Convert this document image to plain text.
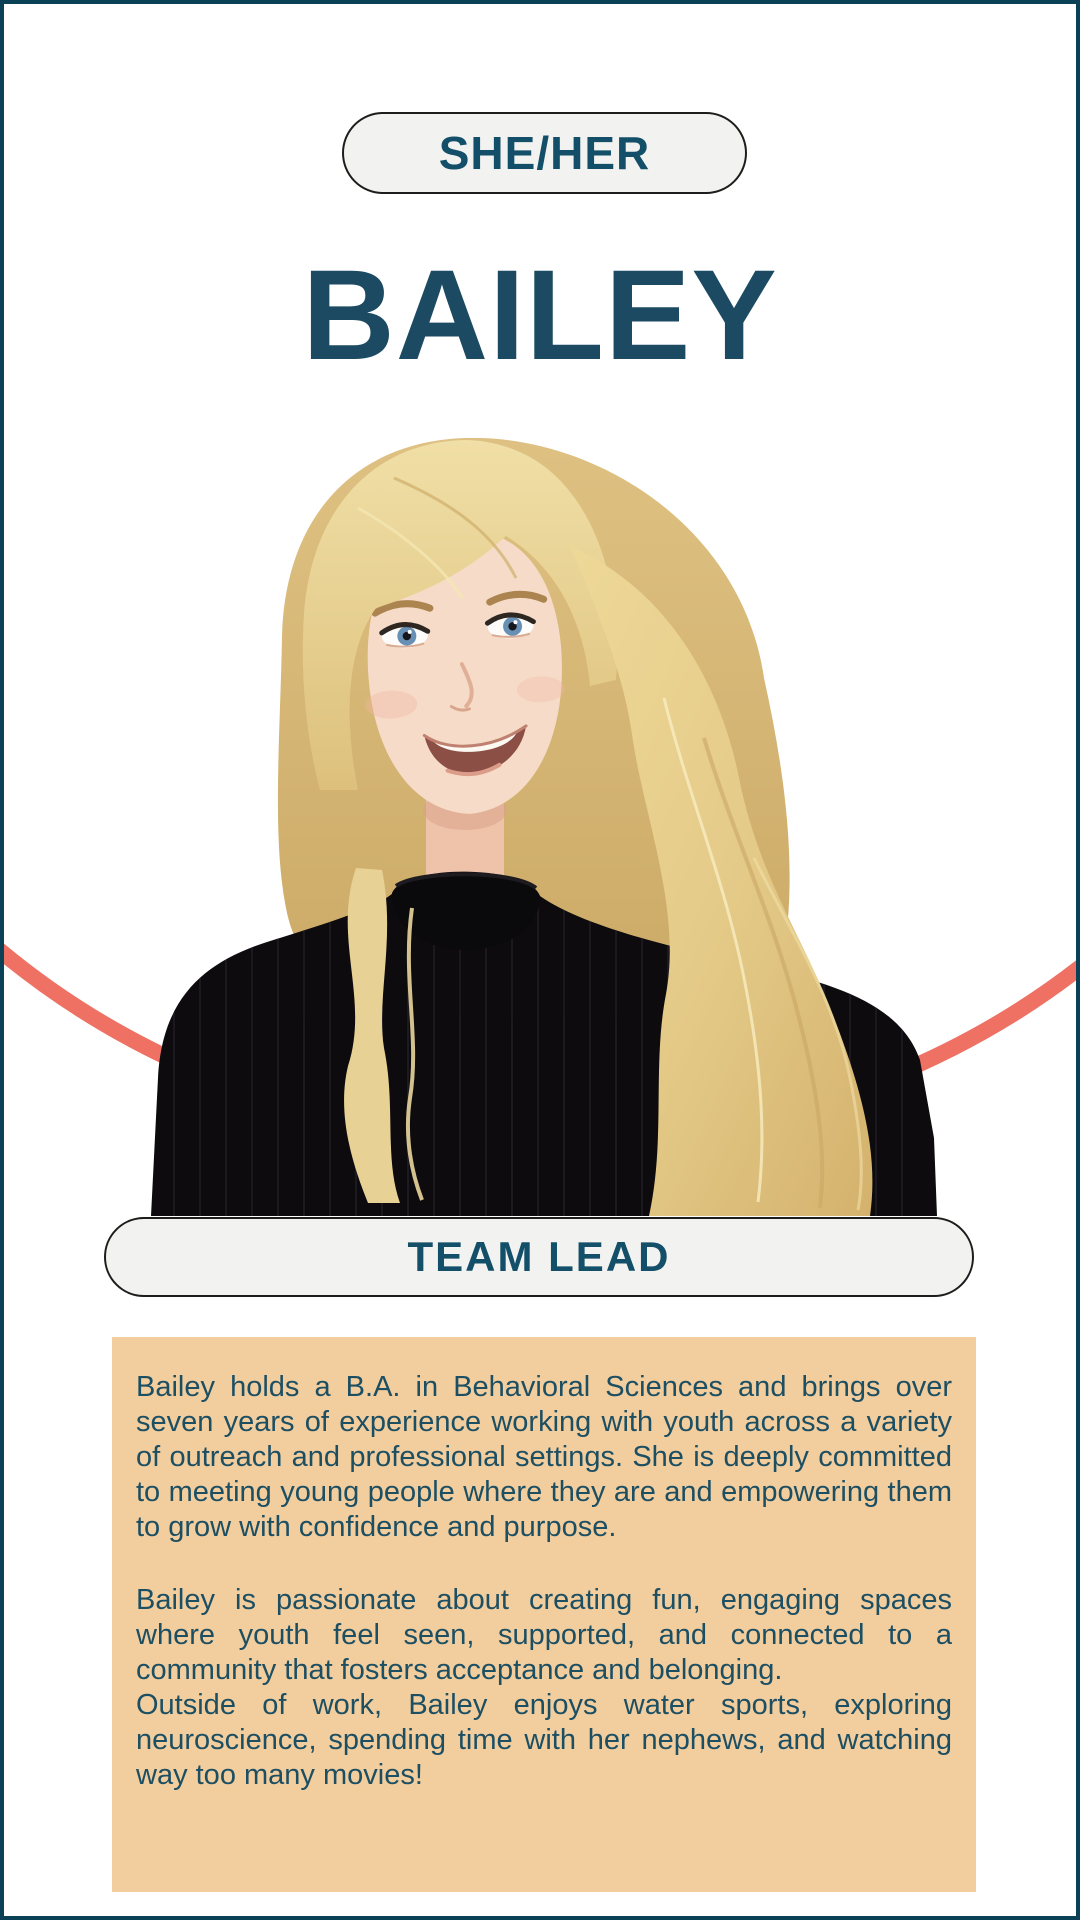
SHE/HER
BAILEY
TEAM LEAD

Bailey holds a B.A. in Behavioral Sciences and brings over seven years of experience working with youth across a variety of outreach and professional settings. She is deeply committed to meeting young people where they are and empowering them to grow with confidence and purpose.

Bailey is passionate about creating fun, engaging spaces where youth feel seen, supported, and connected to a community that fosters acceptance and belonging.

Outside of work, Bailey enjoys water sports, exploring neuroscience, spending time with her nephews, and watching way too many movies!
